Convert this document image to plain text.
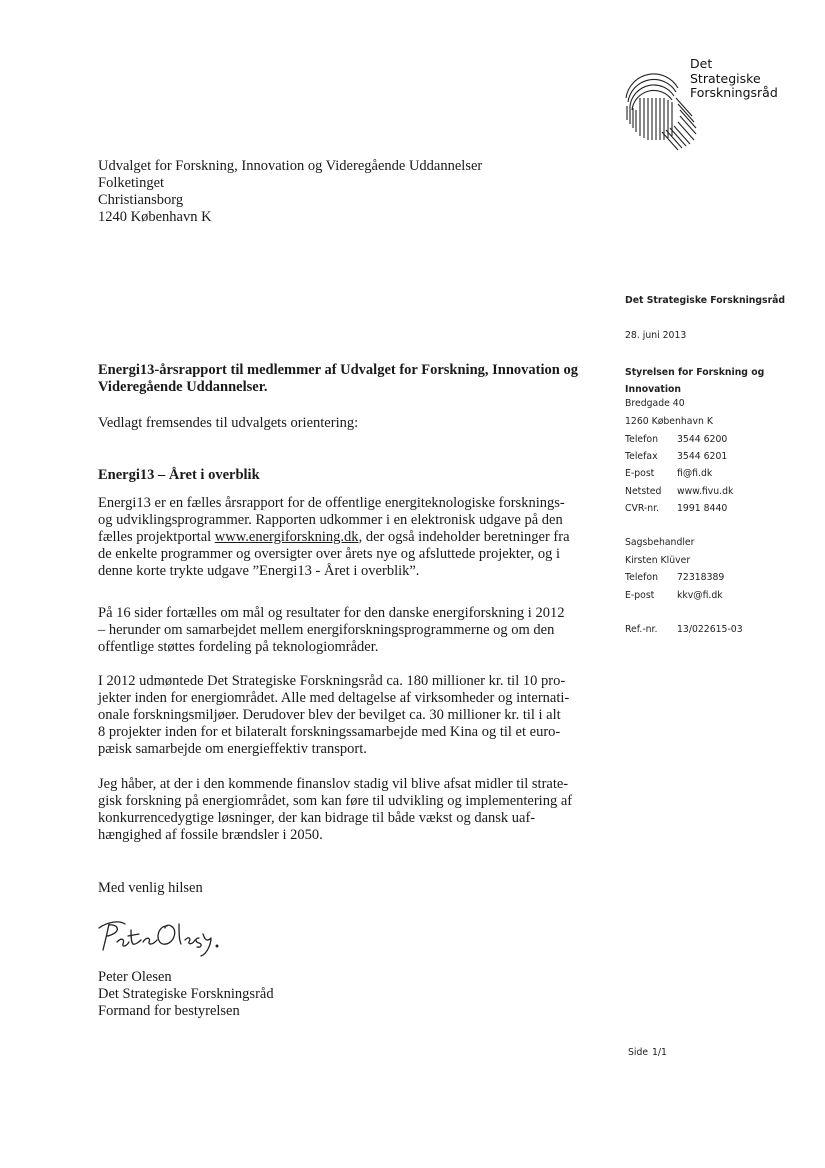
Det
Strategiske
Forskningsråd
Udvalget for Forskning, Innovation og Videregående Uddannelser
Folketinget
Christiansborg
1240 København K
Det Strategiske Forskningsråd
28. juni 2013
Styrelsen for Forskning og
Innovation
Bredgade 40
1260 København K
Telefon 3544 6200
Telefax 3544 6201
E-post fi@fi.dk
Netsted www.fivu.dk
CVR-nr. 1991 8440
Sagsbehandler
Kirsten Klüver
Telefon 72318389
E-post kkv@fi.dk
Ref.-nr. 13/022615-03
Energi13-årsrapport til medlemmer af Udvalget for Forskning, Innovation og
Videregående Uddannelser.
Vedlagt fremsendes til udvalgets orientering:
Energi13 – Året i overblik
Energi13 er en fælles årsrapport for de offentlige energiteknologiske forsknings-
og udviklingsprogrammer. Rapporten udkommer i en elektronisk udgave på den
fælles projektportal www.energiforskning.dk, der også indeholder beretninger fra
de enkelte programmer og oversigter over årets nye og afsluttede projekter, og i
denne korte trykte udgave ”Energi13 - Året i overblik”.
På 16 sider fortælles om mål og resultater for den danske energiforskning i 2012
– herunder om samarbejdet mellem energiforskningsprogrammerne og om den
offentlige støttes fordeling på teknologiområder.
I 2012 udmøntede Det Strategiske Forskningsråd ca. 180 millioner kr. til 10 pro-
jekter inden for energiområdet. Alle med deltagelse af virksomheder og internati-
onale forskningsmiljøer. Derudover blev der bevilget ca. 30 millioner kr. til i alt
8 projekter inden for et bilateralt forskningssamarbejde med Kina og til et euro-
pæisk samarbejde om energieffektiv transport.
Jeg håber, at der i den kommende finanslov stadig vil blive afsat midler til strate-
gisk forskning på energiområdet, som kan føre til udvikling og implementering af
konkurrencedygtige løsninger, der kan bidrage til både vækst og dansk uaf-
hængighed af fossile brændsler i 2050.
Med venlig hilsen
Peter Olesen
Det Strategiske Forskningsråd
Formand for bestyrelsen
Side 1/1
